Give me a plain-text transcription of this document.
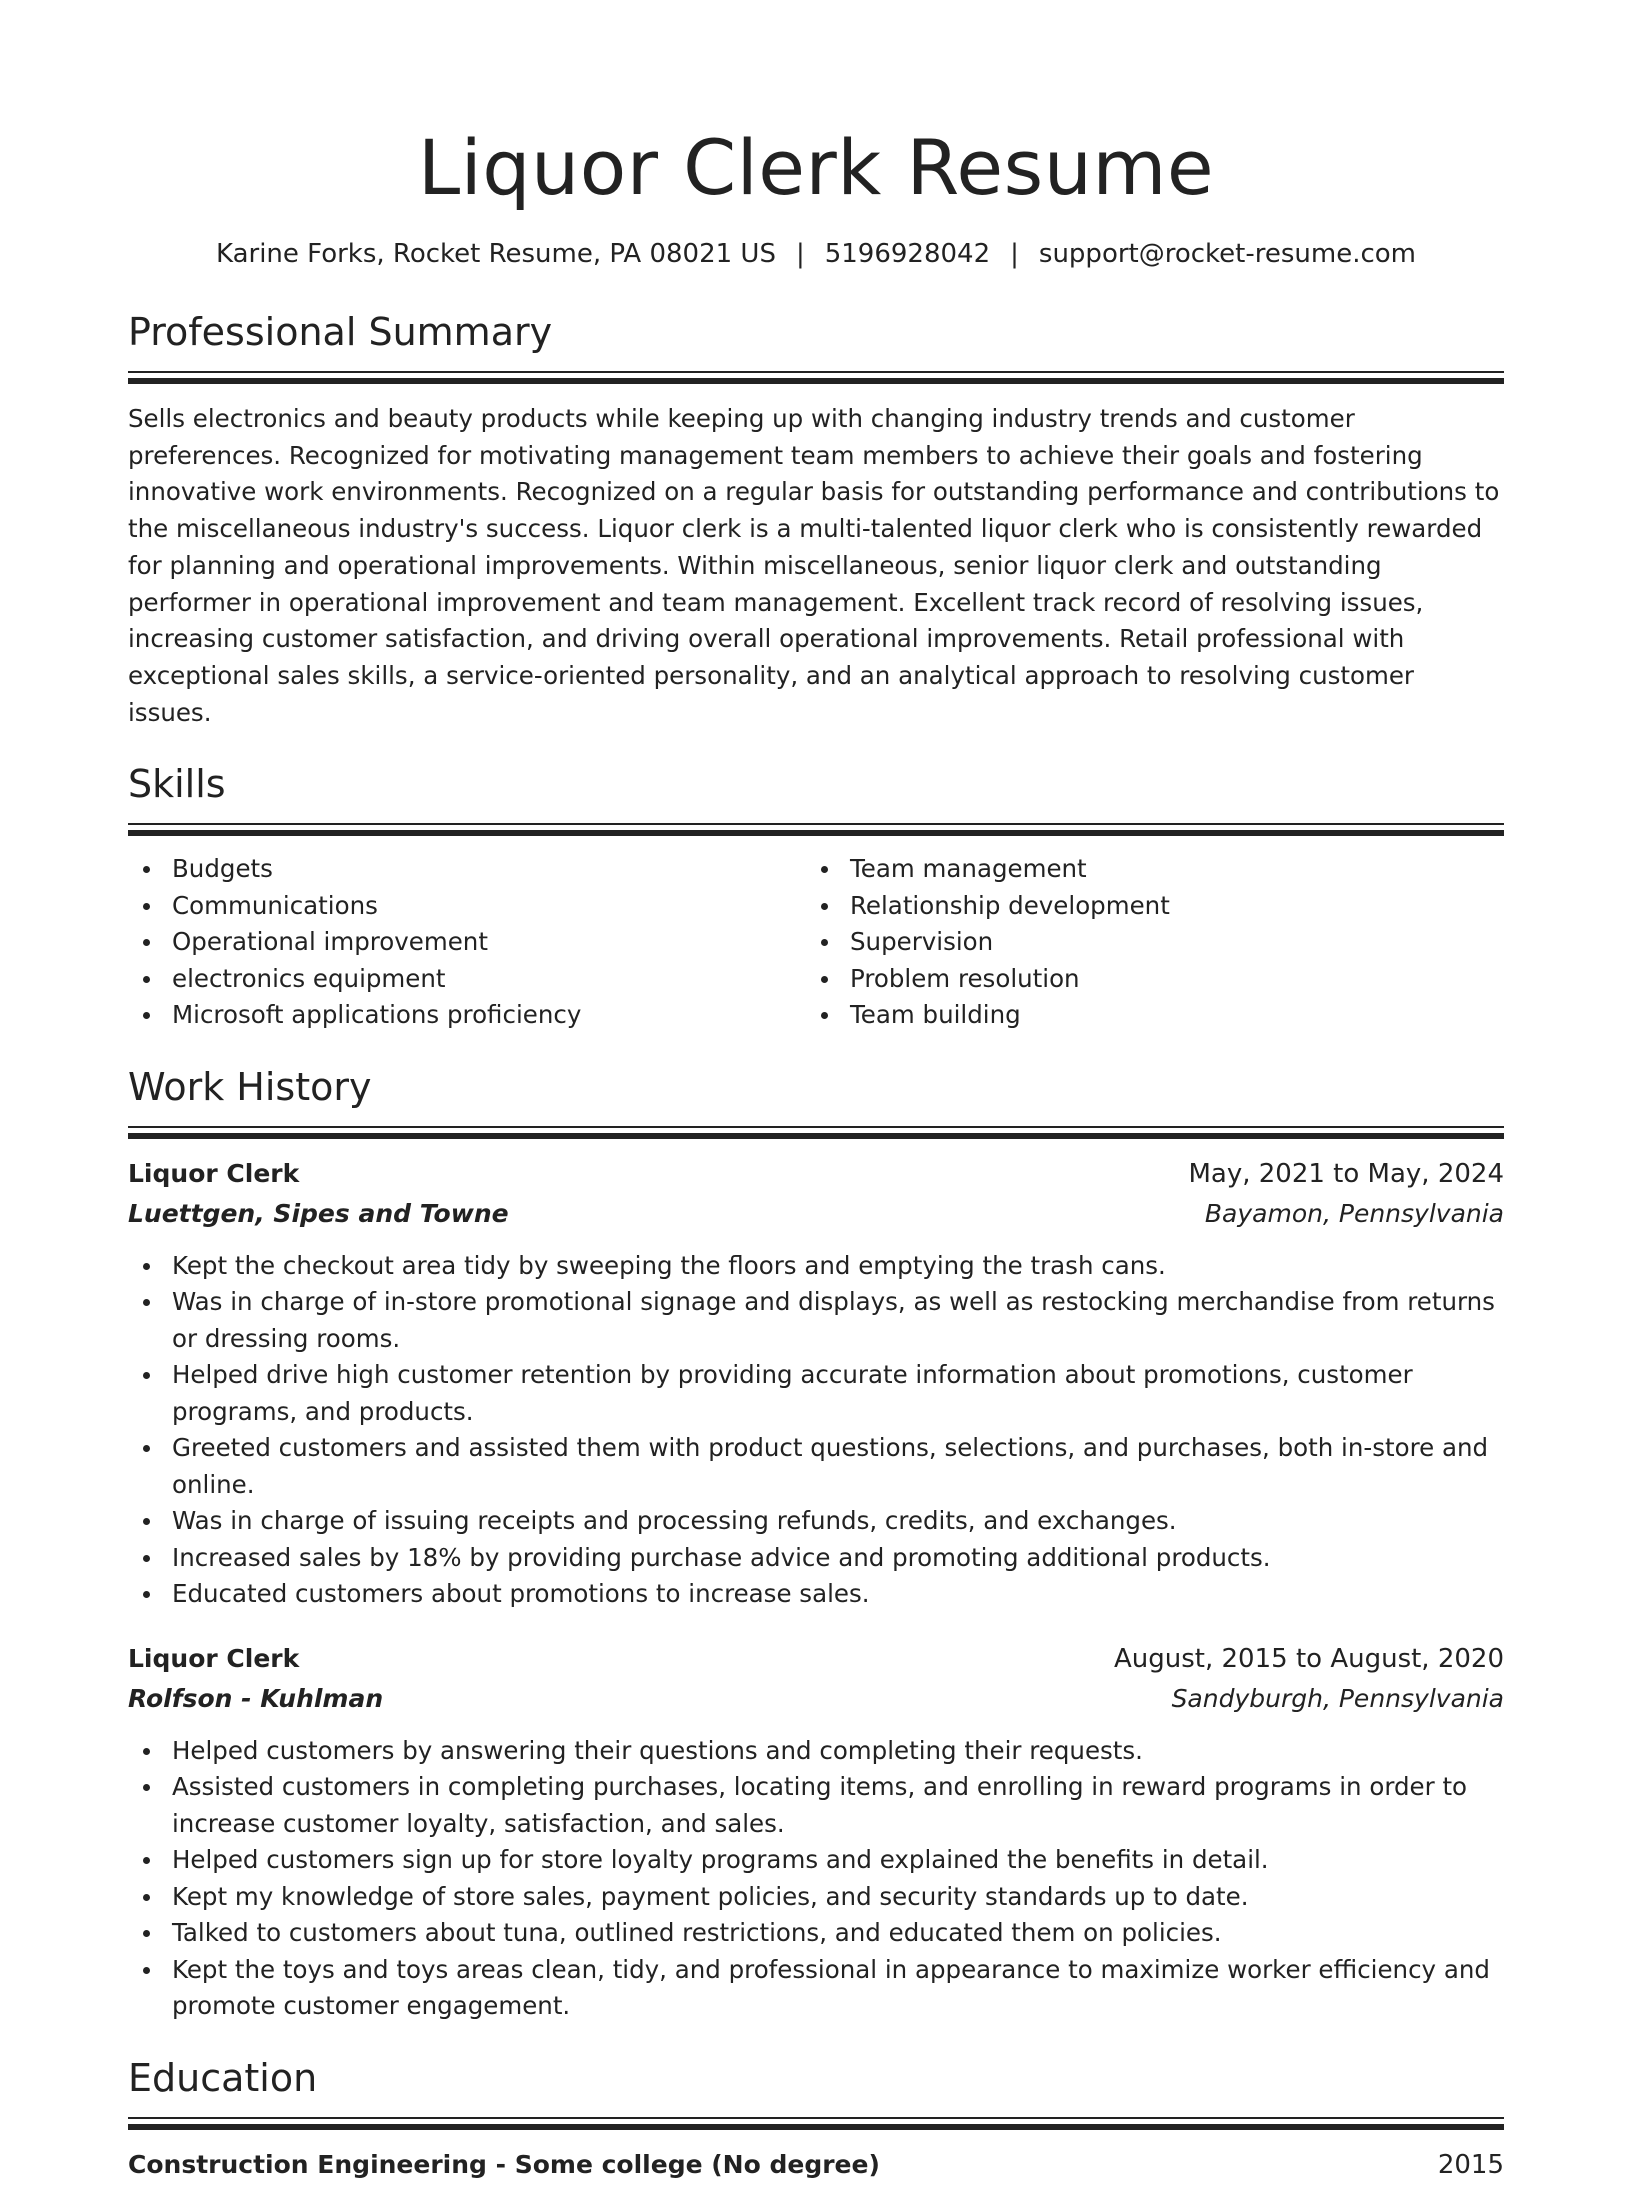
Liquor Clerk Resume
Karine Forks, Rocket Resume, PA 08021 US | 5196928042 | support@rocket-resume.com
Professional Summary

Sells electronics and beauty products while keeping up with changing industry trends and customer preferences. Recognized for motivating management team members to achieve their goals and fostering innovative work environments. Recognized on a regular basis for outstanding performance and contributions to the miscellaneous industry's success. Liquor clerk is a multi-talented liquor clerk who is consistently rewarded for planning and operational improvements. Within miscellaneous, senior liquor clerk and outstanding performer in operational improvement and team management. Excellent track record of resolving issues, increasing customer satisfaction, and driving overall operational improvements. Retail professional with exceptional sales skills, a service-oriented personality, and an analytical approach to resolving customer issues.

Skills
Budgets
Communications
Operational improvement
electronics equipment
Microsoft applications proficiency
Team management
Relationship development
Supervision
Problem resolution
Team building
Work History
Liquor Clerk	May, 2021 to May, 2024
Luettgen, Sipes and Towne	Bayamon, Pennsylvania
Kept the checkout area tidy by sweeping the floors and emptying the trash cans.
Was in charge of in-store promotional signage and displays, as well as restocking merchandise from returns or dressing rooms.
Helped drive high customer retention by providing accurate information about promotions, customer programs, and products.
Greeted customers and assisted them with product questions, selections, and purchases, both in-store and online.
Was in charge of issuing receipts and processing refunds, credits, and exchanges.
Increased sales by 18% by providing purchase advice and promoting additional products.
Educated customers about promotions to increase sales.
Liquor Clerk	August, 2015 to August, 2020
Rolfson - Kuhlman	Sandyburgh, Pennsylvania
Helped customers by answering their questions and completing their requests.
Assisted customers in completing purchases, locating items, and enrolling in reward programs in order to increase customer loyalty, satisfaction, and sales.
Helped customers sign up for store loyalty programs and explained the benefits in detail.
Kept my knowledge of store sales, payment policies, and security standards up to date.
Talked to customers about tuna, outlined restrictions, and educated them on policies.
Kept the toys and toys areas clean, tidy, and professional in appearance to maximize worker efficiency and promote customer engagement.
Education
Construction Engineering - Some college (No degree)	2015
